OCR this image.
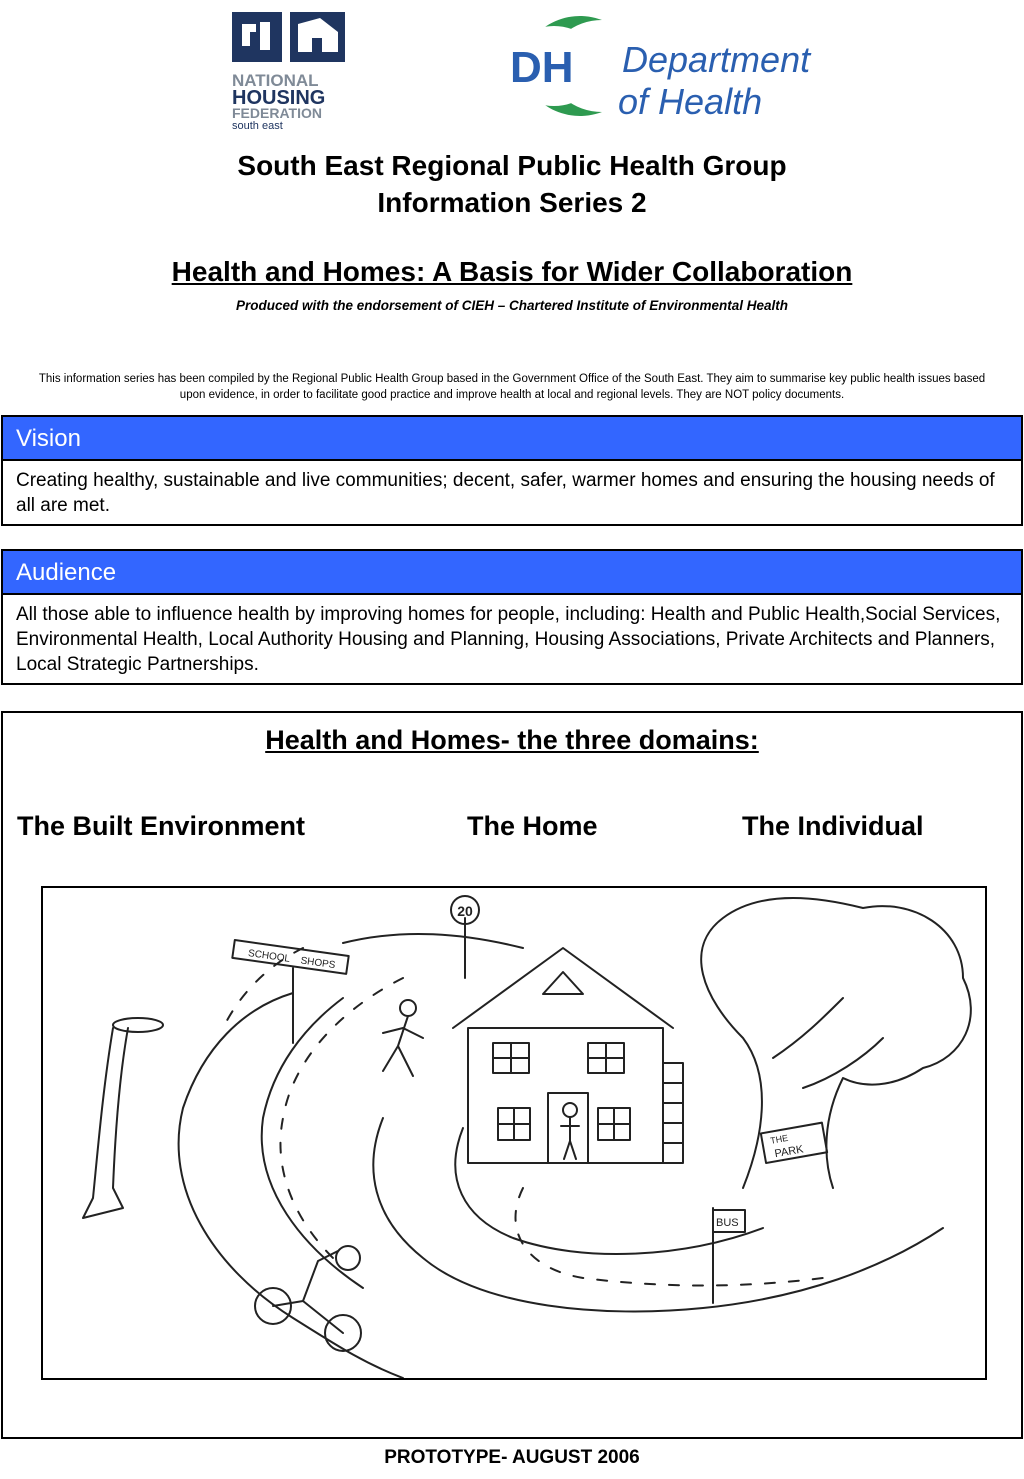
NATIONAL
HOUSING
FEDERATION
south east
DH Department
of Health
South East Regional Public Health Group
Information Series 2
Health and Homes: A Basis for Wider Collaboration
Produced with the endorsement of CIEH – Chartered Institute of Environmental Health
This information series has been compiled by the Regional Public Health Group based in the Government Office of the South East. They aim to summarise key public health issues based upon evidence, in order to facilitate good practice and improve health at local and regional levels. They are NOT policy documents.
Vision
Creating healthy, sustainable and live communities; decent, safer, warmer homes and ensuring the housing needs of all are met.
Audience
All those able to influence health by improving homes for people, including: Health and Public Health,Social Services, Environmental Health, Local Authority Housing and Planning, Housing Associations, Private Architects and Planners, Local Strategic Partnerships.
Health and Homes- the three domains:
The Built Environment	The Home	The Individual
20
SCHOOL SHOPS
THE
PARK
BUS
PROTOTYPE- AUGUST 2006
